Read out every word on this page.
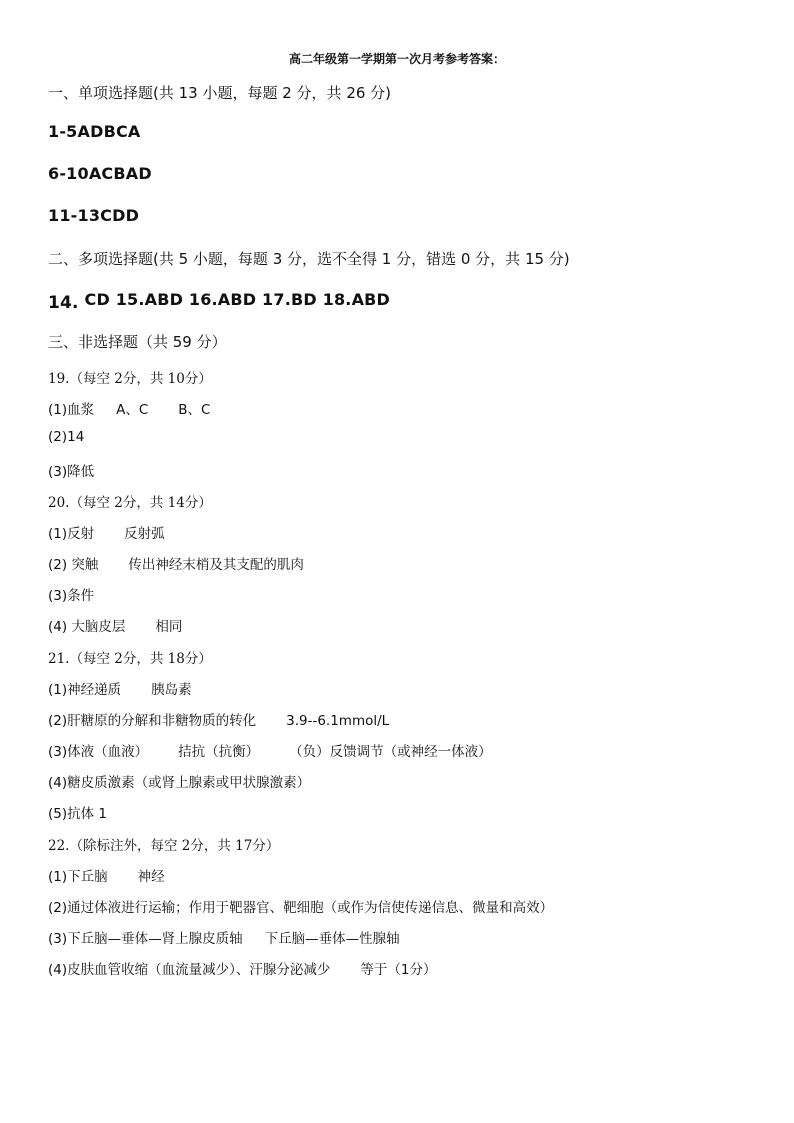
高二年级第一学期第一次月考参考答案：
一、单项选择题(共 13 小题，每题 2 分，共 26 分)
1-5ADBCA
6-10ACBAD
11-13CDD
二、多项选择题(共 5 小题，每题 3 分，选不全得 1 分，错选 0 分，共 15 分)
14. CD 15.ABD 16.ABD 17.BD 18.ABD
三、非选择题（共 59 分）
19.（每空 2分，共 10分）
(1)血浆 A、C B、C
(2)14
(3)降低
20.（每空 2分，共 14分）
(1)反射 反射弧
(2) 突触 传出神经末梢及其支配的肌肉
(3)条件
(4) 大脑皮层 相同
21.（每空 2分，共 18分）
(1)神经递质 胰岛素
(2)肝糖原的分解和非糖物质的转化 3.9--6.1mmol/L
(3)体液（血液） 拮抗（抗衡） （负）反馈调节（或神经一体液）
(4)糖皮质激素（或肾上腺素或甲状腺激素）
(5)抗体 1
22.（除标注外，每空 2分，共 17分）
(1)下丘脑 神经
(2)通过体液进行运输；作用于靶器官、靶细胞（或作为信使传递信息、微量和高效）
(3)下丘脑—垂体—肾上腺皮质轴 下丘脑—垂体—性腺轴
(4)皮肤血管收缩（血流量减少）、汗腺分泌减少 等于（1分）
